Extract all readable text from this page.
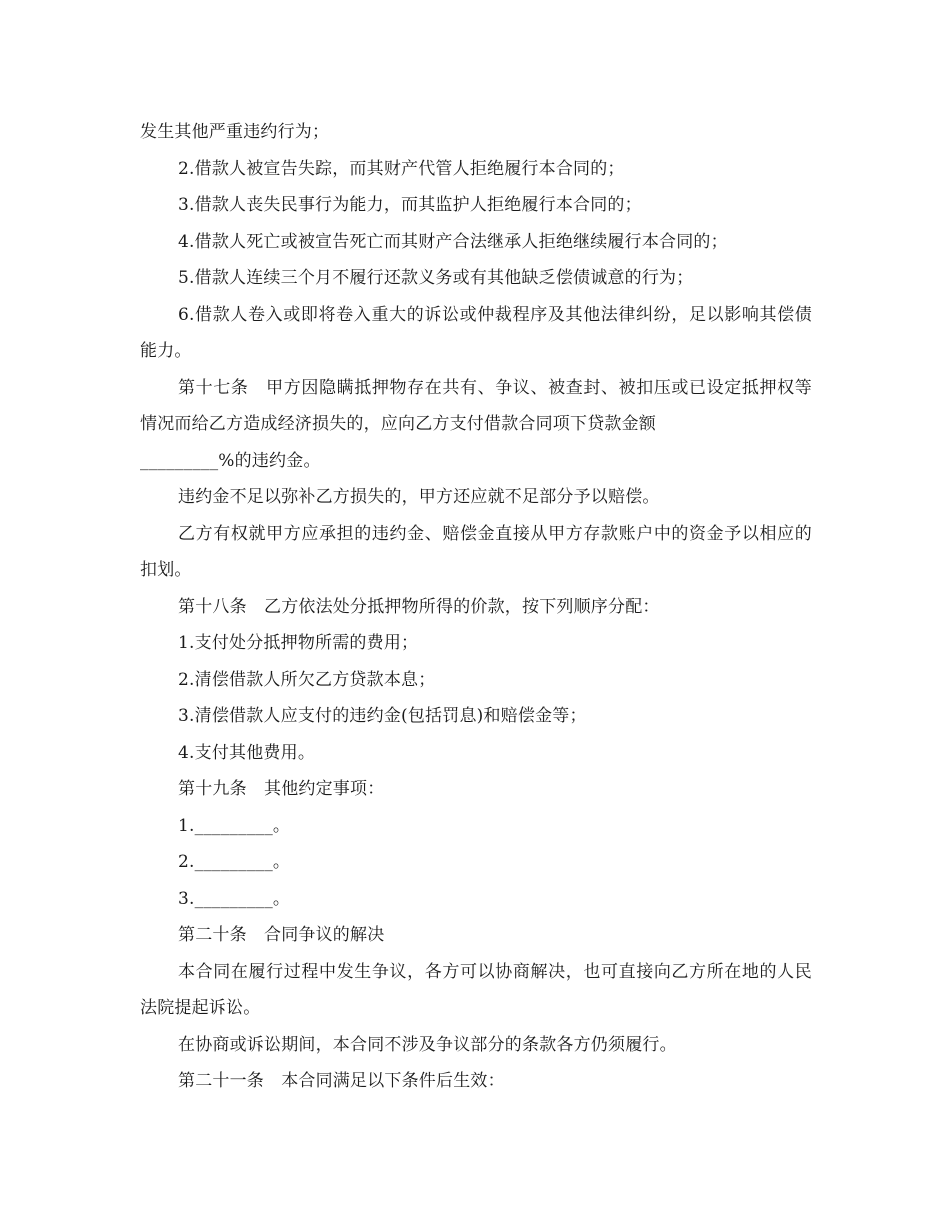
发生其他严重违约行为；

2.借款人被宣告失踪，而其财产代管人拒绝履行本合同的；

3.借款人丧失民事行为能力，而其监护人拒绝履行本合同的；

4.借款人死亡或被宣告死亡而其财产合法继承人拒绝继续履行本合同的；

5.借款人连续三个月不履行还款义务或有其他缺乏偿债诚意的行为；

6.借款人卷入或即将卷入重大的诉讼或仲裁程序及其他法律纠纷，足以影响其偿债能力。

第十七条　甲方因隐瞒抵押物存在共有、争议、被查封、被扣压或已设定抵押权等情况而给乙方造成经济损失的，应向乙方支付借款合同项下贷款金额

_________%的违约金。

违约金不足以弥补乙方损失的，甲方还应就不足部分予以赔偿。

乙方有权就甲方应承担的违约金、赔偿金直接从甲方存款账户中的资金予以相应的扣划。

第十八条　乙方依法处分抵押物所得的价款，按下列顺序分配：

1.支付处分抵押物所需的费用；

2.清偿借款人所欠乙方贷款本息；

3.清偿借款人应支付的违约金(包括罚息)和赔偿金等；

4.支付其他费用。

第十九条　其他约定事项：

1._________。

2._________。

3._________。

第二十条　合同争议的解决

本合同在履行过程中发生争议，各方可以协商解决，也可直接向乙方所在地的人民法院提起诉讼。

在协商或诉讼期间，本合同不涉及争议部分的条款各方仍须履行。

第二十一条　本合同满足以下条件后生效：
